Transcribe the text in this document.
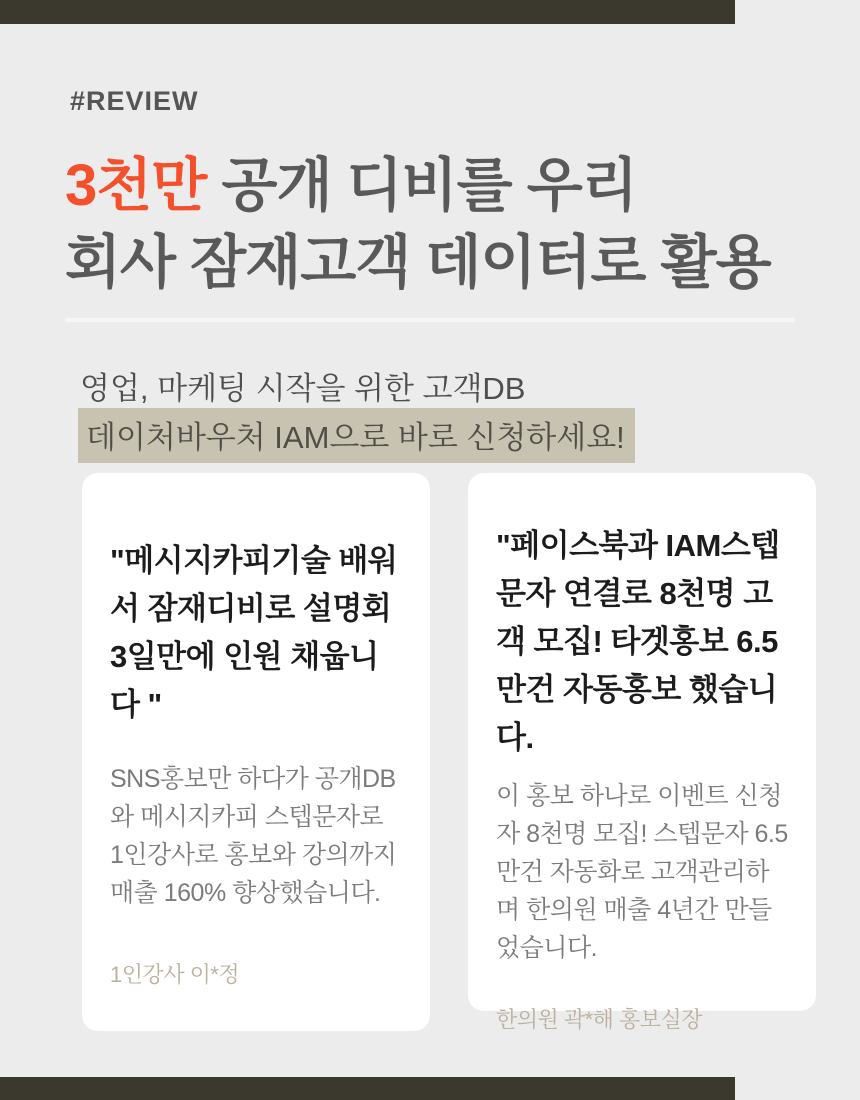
#REVIEW
3천만 공개 디비를 우리
회사 잠재고객 데이터로 활용
영업, 마케팅 시작을 위한 고객DB
데이처바우처 IAM으로 바로 신청하세요!
"메시지카피기술 배워서 잠재디비로 설명회 3일만에 인원 채웁니다 "
SNS홍보만 하다가 공개DB와 메시지카피 스텝문자로 1인강사로 홍보와 강의까지 매출 160% 향상했습니다.
1인강사 이*정
"페이스북과 IAM스텝 문자 연결로 8천명 고객 모집! 타겟홍보 6.5만건 자동홍보 했습니다.
이 홍보 하나로 이벤트 신청자 8천명 모집! 스텝문자 6.5만건 자동화로 고객관리하며 한의원 매출 4년간 만들었습니다.
한의원 곽*해 홍보실장
